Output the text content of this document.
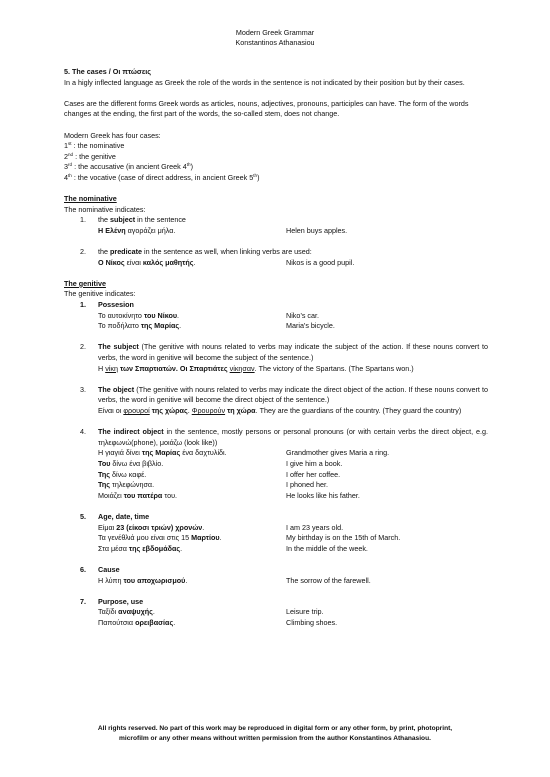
Modern Greek Grammar
Konstantinos Athanasiou

5. The cases / Οι πτώσεις

In a higly inflected language as Greek the role of the words in the sentence is not indicated by their position but by their cases.

Cases are the different forms Greek words as articles, nouns, adjectives, pronouns, participles can have. The form of the words changes at the ending, the first part of the words, the so-called stem, does not change.

Modern Greek has four cases:

1st : the nominative

2nd : the genitive

3rd : the accusative (in ancient Greek 4th)

4th : the vocative (case of direct address, in ancient Greek 5th)

The nominative

The nominative indicates:

1. the subject in the sentence
Η Ελένη αγοράζει μήλα.	Helen buys apples.
2. the predicate in the sentence as well, when linking verbs are used:
Ο Νίκος είναι καλός μαθητής.	Nikos is a good pupil.

The genitive

The genitive indicates:

1. Possesion
Το αυτοκίνητο του Νίκου.	Niko’s car.
Το ποδήλατο της Μαρίας.	Maria's bicycle.
2. The subject (The genitive with nouns related to verbs may indicate the subject of the action. If these nouns convert to verbs, the word in genitive will become the subject of the sentence.)
Η νίκη των Σπαρτιατών. Οι Σπαρτιάτες νίκησαν. The victory of the Spartans. (The Spartans won.)
3. The object (The genitive with nouns related to verbs may indicate the direct object of the action. If these nouns convert to verbs, the word in genitive will become the direct object of the sentence.)
Είναι οι φρουροί της χώρας. Φρουρούν τη χώρα. They are the guardians of the country. (They guard the country)
4. The indirect object in the sentence, mostly persons or personal pronouns (or with certain verbs the direct object, e.g. τηλεφωνώ(phone), μοιάζω (look like))
Η γιαγιά δίνει της Μαρίας ένα δαχτυλίδι.	Grandmother gives Maria a ring.
Του δίνω ένα βιβλίο.	I give him a book.
Της δίνω καφέ.	I offer her coffee.
Της τηλεφώνησα.	I phoned her.
Μοιάζει του πατέρα του.	He looks like his father.
5. Age, date, time
Είμαι 23 (είκοσι τριών) χρονών.	I am 23 years old.
Τα γενέθλιά μου είναι στις 15 Μαρτίου.	My birthday is on the 15th of March.
Στα μέσα της εβδομάδας.	In the middle of the week.
6. Cause
Η λύπη του αποχωρισμού.	The sorrow of the farewell.
7. Purpose, use
Ταξίδι αναψυχής.	Leisure trip.
Παπούτσια ορειβασίας.	Climbing shoes.
All rights reserved. No part of this work may be reproduced in digital form or any other form, by print, photoprint,
microfilm or any other means without written permission from the author Konstantinos Athanasiou.
